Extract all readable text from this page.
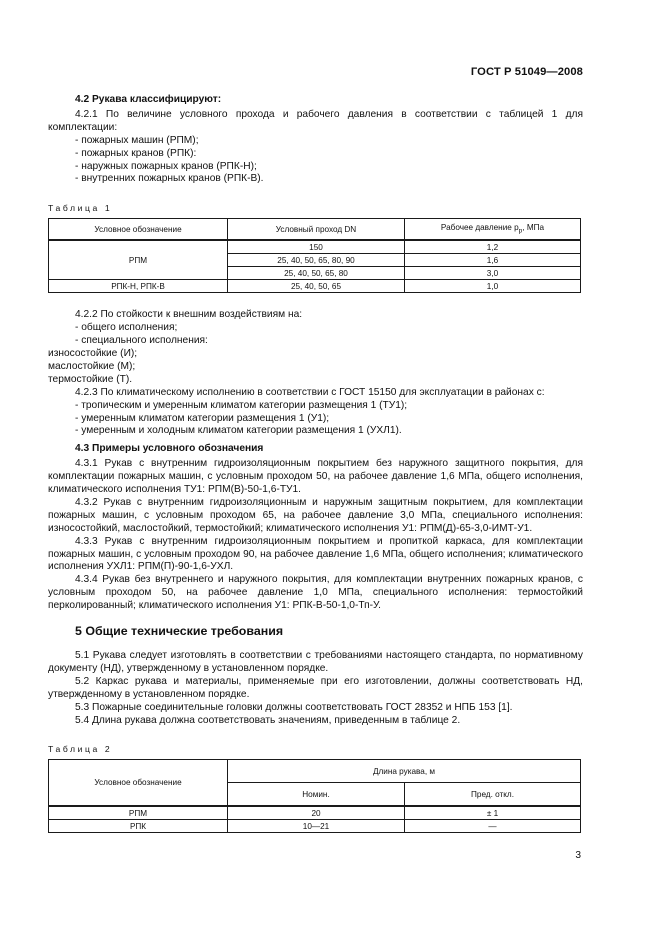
ГОСТ Р 51049—2008

4.2 Рукава классифицируют:

4.2.1 По величине условного прохода и рабочего давления в соответствии с таблицей 1 для комплектации:

- пожарных машин (РПМ);
- пожарных кранов (РПК):
- наружных пожарных кранов (РПК-Н);
- внутренних пожарных кранов (РПК-В).

Таблица 1

Условное обозначение	Условный проход DN	Рабочее давление $p_р$, МПа
РПМ	150	1,2
	25, 40, 50, 65, 80, 90	1,6
	25, 40, 50, 65, 80	3,0
РПК-Н, РПК-В	25, 40, 50, 65	1,0

4.2.2 По стойкости к внешним воздействиям на:

- общего исполнения;

- специального исполнения:

износостойкие (И);

маслостойкие (М);

термостойкие (Т).

4.2.3 По климатическому исполнению в соответствии с ГОСТ 15150 для эксплуатации в районах с:

- тропическим и умеренным климатом категории размещения 1 (ТУ1);

- умеренным климатом категории размещения 1 (У1);

- умеренным и холодным климатом категории размещения 1 (УХЛ1).

4.3 Примеры условного обозначения

4.3.1 Рукав с внутренним гидроизоляционным покрытием без наружного защитного покрытия, для комплектации пожарных машин, с условным проходом 50, на рабочее давление 1,6 МПа, общего исполнения, климатического исполнения ТУ1: РПМ(В)-50-1,6-ТУ1.

4.3.2 Рукав с внутренним гидроизоляционным и наружным защитным покрытием, для комплектации пожарных машин, с условным проходом 65, на рабочее давление 3,0 МПа, специального исполнения: износостойкий, маслостойкий, термостойкий; климатического исполнения У1: РПМ(Д)-65-3,0-ИМТ-У1.

4.3.3 Рукав с внутренним гидроизоляционным покрытием и пропиткой каркаса, для комплектации пожарных машин, с условным проходом 90, на рабочее давление 1,6 МПа, общего исполнения; климатического исполнения УХЛ1: РПМ(П)-90-1,6-УХЛ.

4.3.4 Рукав без внутреннего и наружного покрытия, для комплектации внутренних пожарных кранов, с условным проходом 50, на рабочее давление 1,0 МПа, специального исполнения: термостойкий перколированный; климатического исполнения У1: РПК-В-50-1,0-Тп-У.

5 Общие технические требования

5.1 Рукава следует изготовлять в соответствии с требованиями настоящего стандарта, по нормативному документу (НД), утвержденному в установленном порядке.

5.2 Каркас рукава и материалы, применяемые при его изготовлении, должны соответствовать НД, утвержденному в установленном порядке.

5.3 Пожарные соединительные головки должны соответствовать ГОСТ 28352 и НПБ 153 [1].

5.4 Длина рукава должна соответствовать значениям, приведенным в таблице 2.

Таблица 2

Условное обозначение	Длина рукава, м	
	Номин.	Пред. откл.
РПМ	20	± 1
РПК	10—21	—
3
